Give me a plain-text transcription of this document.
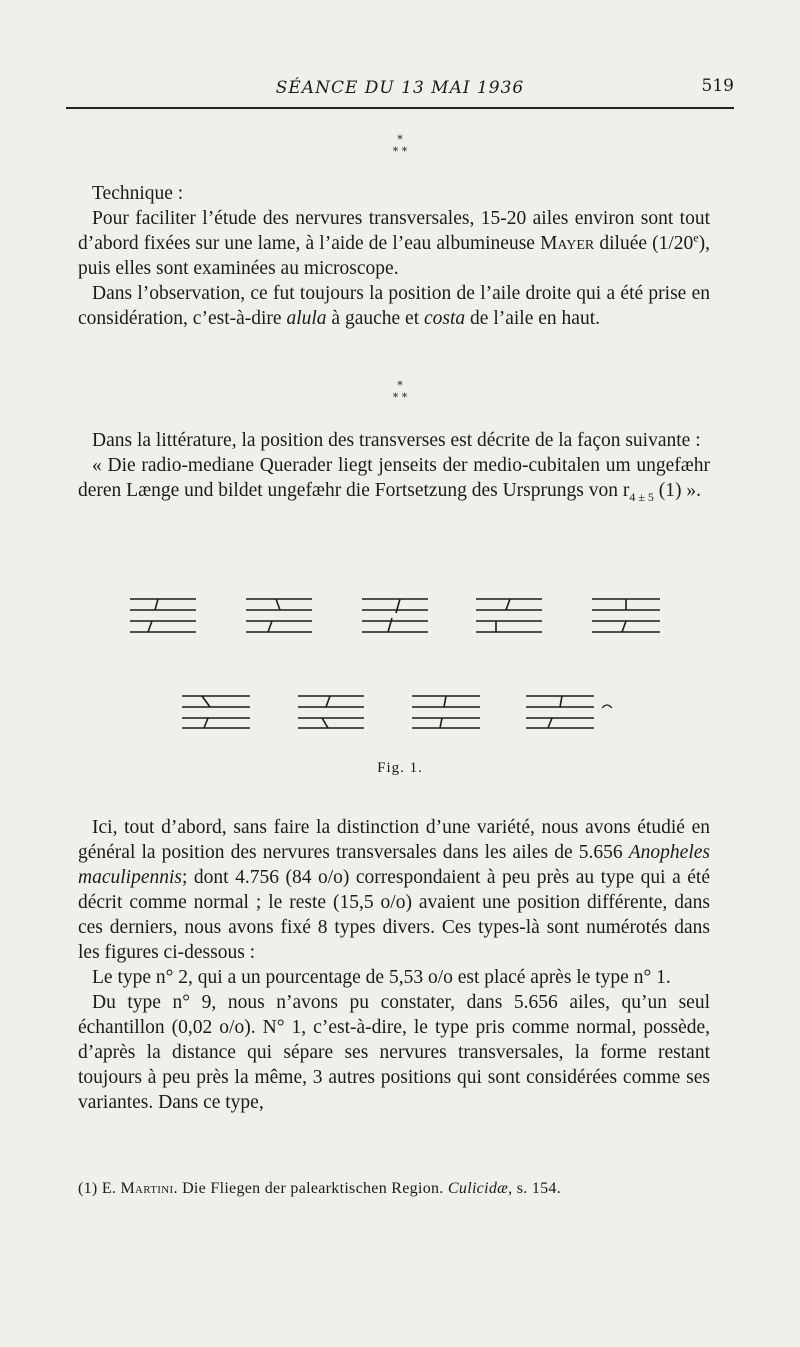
SÉANCE DU 13 MAI 1936	519
*
* *

Technique :

Pour faciliter l’étude des nervures transversales, 15-20 ailes environ sont tout d’abord fixées sur une lame, à l’aide de l’eau albumineuse Mayer diluée (1/20e), puis elles sont examinées au microscope.

Dans l’observation, ce fut toujours la position de l’aile droite qui a été prise en considération, c’est-à-dire alula à gauche et costa de l’aile en haut.

*
* *

Dans la littérature, la position des transverses est décrite de la façon suivante :

« Die radio-mediane Querader liegt jenseits der medio-cubitalen um ungefæhr deren Længe und bildet ungefæhr die Fortsetzung des Ursprungs von $r_{4 \pm 5}$ (1) ».

Fig. 1.

Ici, tout d’abord, sans faire la distinction d’une variété, nous avons étudié en général la position des nervures transversales dans les ailes de 5.656 Anopheles maculipennis; dont 4.756 (84 o/o) correspondaient à peu près au type qui a été décrit comme normal ; le reste (15,5 o/o) avaient une position différente, dans ces derniers, nous avons fixé 8 types divers. Ces types-là sont numérotés dans les figures ci-dessous :

Le type n° 2, qui a un pourcentage de 5,53 o/o est placé après le type n° 1.

Du type n° 9, nous n’avons pu constater, dans 5.656 ailes, qu’un seul échantillon (0,02 o/o). N° 1, c’est-à-dire, le type pris comme normal, possède, d’après la distance qui sépare ses nervures transversales, la forme restant toujours à peu près la même, 3 autres positions qui sont considérées comme ses variantes. Dans ce type,

(1) E. Martini. Die Fliegen der palearktischen Region. Culicidæ, s. 154.
